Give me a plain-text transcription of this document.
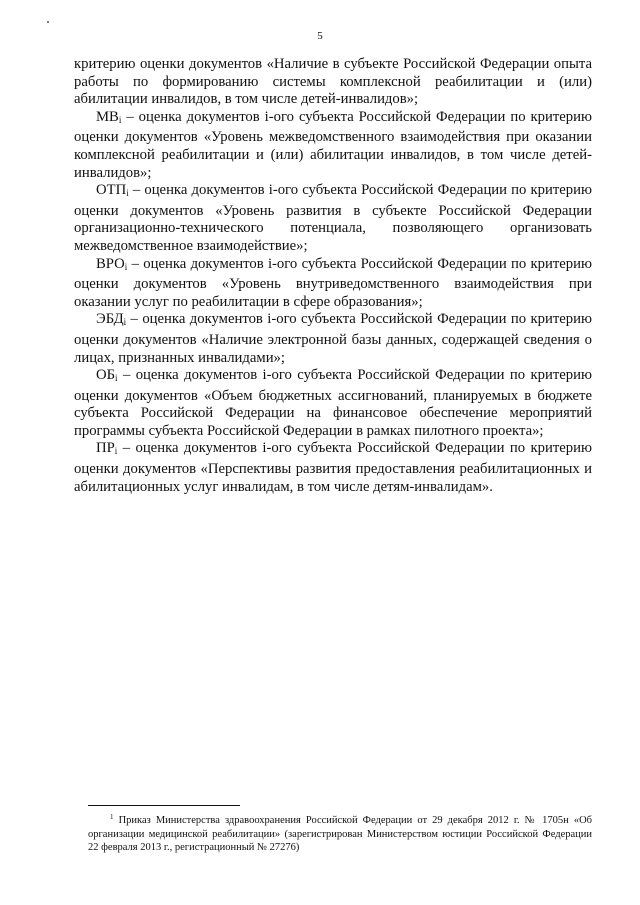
5

критерию оценки документов «Наличие в субъекте Российской Федерации опыта работы по формированию системы комплексной реабилитации и (или) абилитации инвалидов, в том числе детей-инвалидов»;

$MB_i$ – оценка документов i-ого субъекта Российской Федерации по критерию оценки документов «Уровень межведомственного взаимодействия при оказании комплексной реабилитации и (или) абилитации инвалидов, в том числе детей-инвалидов»;

$ОТП_i$ – оценка документов i-ого субъекта Российской Федерации по критерию оценки документов «Уровень развития в субъекте Российской Федерации организационно-технического потенциала, позволяющего организовать межведомственное взаимодействие»;

$ВРО_i$ – оценка документов i-ого субъекта Российской Федерации по критерию оценки документов «Уровень внутриведомственного взаимодействия при оказании услуг по реабилитации в сфере образования»;

$ЭБД_i$ – оценка документов i-ого субъекта Российской Федерации по критерию оценки документов «Наличие электронной базы данных, содержащей сведения о лицах, признанных инвалидами»;

$ОБ_i$ – оценка документов i-ого субъекта Российской Федерации по критерию оценки документов «Объем бюджетных ассигнований, планируемых в бюджете субъекта Российской Федерации на финансовое обеспечение мероприятий программы субъекта Российской Федерации в рамках пилотного проекта»;

$ПР_i$ – оценка документов i-ого субъекта Российской Федерации по критерию оценки документов «Перспективы развития предоставления реабилитационных и абилитационных услуг инвалидам, в том числе детям-инвалидам».

$^1$ Приказ Министерства здравоохранения Российской Федерации от 29 декабря 2012 г. № 1705н «Об организации медицинской реабилитации» (зарегистрирован Министерством юстиции Российской Федерации 22 февраля 2013 г., регистрационный № 27276)
